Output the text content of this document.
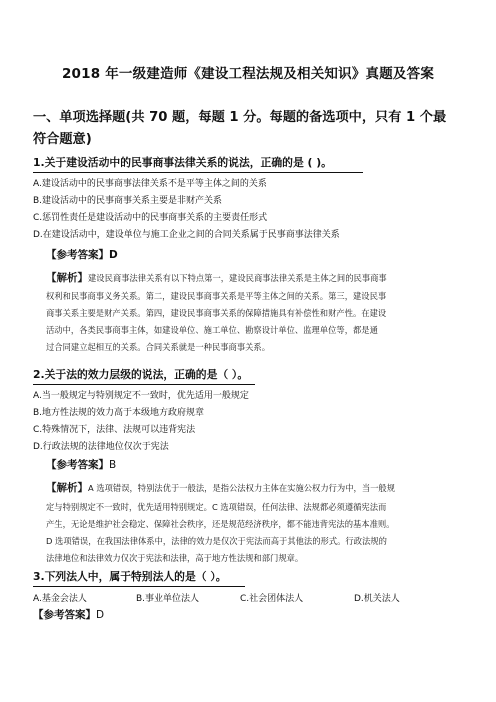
2018 年一级建造师《建设工程法规及相关知识》真题及答案
一、单项选择题(共 70 题，每题 1 分。每题的备选项中，只有 1 个最
符合题意)
1.关于建设活动中的民事商事法律关系的说法，正确的是 ( )。
A.建设活动中的民事商事法律关系不是平等主体之间的关系
B.建设活动中的民事商事关系主要是非财产关系
C.惩罚性责任是建设活动中的民事商事关系的主要责任形式
D.在建设活动中，建设单位与施工企业之间的合同关系属于民事商事法律关系
【参考答案】D
【解析】建设民商事法律关系有以下特点第一，建设民商事法律关系是主体之间的民事商事
权利和民事商事义务关系。第二，建设民事商事关系是平等主体之间的关系。第三，建设民事
商事关系主要是财产关系。第四，建设民事商事关系的保障措施具有补偿性和财产性。在建设
活动中，各类民事商事主体，如建设单位、施工单位、勘察设计单位、监理单位等，都是通
过合同建立起相互的关系。合同关系就是一种民事商事关系。
2.关于法的效力层级的说法，正确的是（ ）。
A.当一般规定与特别规定不一致时，优先适用一般规定
B.地方性法规的效力高于本级地方政府规章
C.特殊情况下，法律、法规可以违背宪法
D.行政法规的法律地位仅次于宪法
【参考答案】B
【解析】A 选项错误，特别法优于一般法，是指公法权力主体在实施公权力行为中，当一般规
定与特别规定不一致时，优先适用特别规定。C 选项错误，任何法律、法规都必须遵循宪法而
产生，无论是维护社会稳定、保障社会秩序，还是规范经济秩序，都不能违背宪法的基本准则。
D 选项错误，在我国法律体系中，法律的效力是仅次于宪法而高于其他法的形式。行政法规的
法律地位和法律效力仅次于宪法和法律，高于地方性法规和部门规章。
3.下列法人中，属于特别法人的是（ ）。
A.基金会法人	B.事业单位法人	C.社会团体法人	D.机关法人
【参考答案】D
